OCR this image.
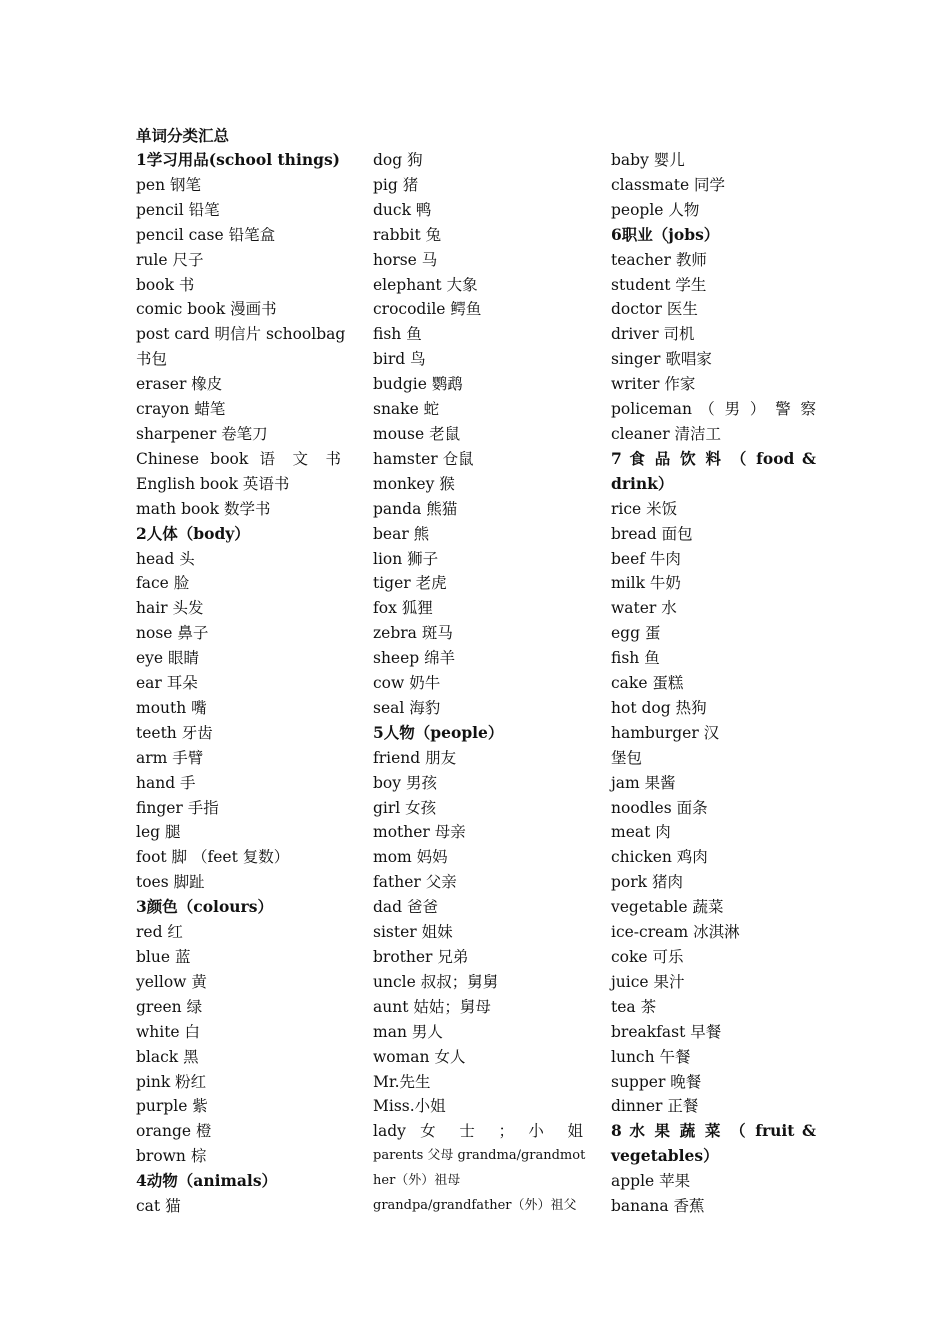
单词分类汇总
1学习用品(school things)
pen 钢笔
pencil 铅笔
pencil case 铅笔盒
rule 尺子
book 书
comic book 漫画书
post card 明信片 schoolbag
书包
eraser 橡皮
crayon 蜡笔
sharpener 卷笔刀
Chinese book 语 文 书
English book 英语书
math book 数学书
2人体（body）
head 头
face 脸
hair 头发
nose 鼻子
eye 眼睛
ear 耳朵
mouth 嘴
teeth 牙齿
arm 手臂
hand 手
finger 手指
leg 腿
foot 脚 （feet 复数）
toes 脚趾
3颜色（colours）
red 红
blue 蓝
yellow 黄
green 绿
white 白
black 黑
pink 粉红
purple 紫
orange 橙
brown 棕
4动物（animals）
cat 猫
dog 狗
pig 猪
duck 鸭
rabbit 兔
horse 马
elephant 大象
crocodile 鳄鱼
fish 鱼
bird 鸟
budgie 鹦鹉
snake 蛇
mouse 老鼠
hamster 仓鼠
monkey 猴
panda 熊猫
bear 熊
lion 狮子
tiger 老虎
fox 狐狸
zebra 斑马
sheep 绵羊
cow 奶牛
seal 海豹
5人物（people）
friend 朋友
boy 男孩
girl 女孩
mother 母亲
mom 妈妈
father 父亲
dad 爸爸
sister 姐妹
brother 兄弟
uncle 叔叔；舅舅
aunt 姑姑；舅母
man 男人
woman 女人
Mr.先生
Miss.小姐
lady 女 士 ； 小 姐
parents 父母 grandma/grandmot
her（外）祖母
grandpa/grandfather（外）祖父
baby 婴儿
classmate 同学
people 人物
6职业（jobs）
teacher 教师
student 学生
doctor 医生
driver 司机
singer 歌唱家
writer 作家
policeman （ 男 ） 警 察
cleaner 清洁工
7 食 品 饮 料 （ food &
drink）
rice 米饭
bread 面包
beef 牛肉
milk 牛奶
water 水
egg 蛋
fish 鱼
cake 蛋糕
hot dog 热狗
hamburger 汉
堡包
jam 果酱
noodles 面条
meat 肉
chicken 鸡肉
pork 猪肉
vegetable 蔬菜
ice-cream 冰淇淋
coke 可乐
juice 果汁
tea 茶
breakfast 早餐
lunch 午餐
supper 晚餐
dinner 正餐
8 水 果 蔬 菜 （ fruit &
vegetables）
apple 苹果
banana 香蕉
